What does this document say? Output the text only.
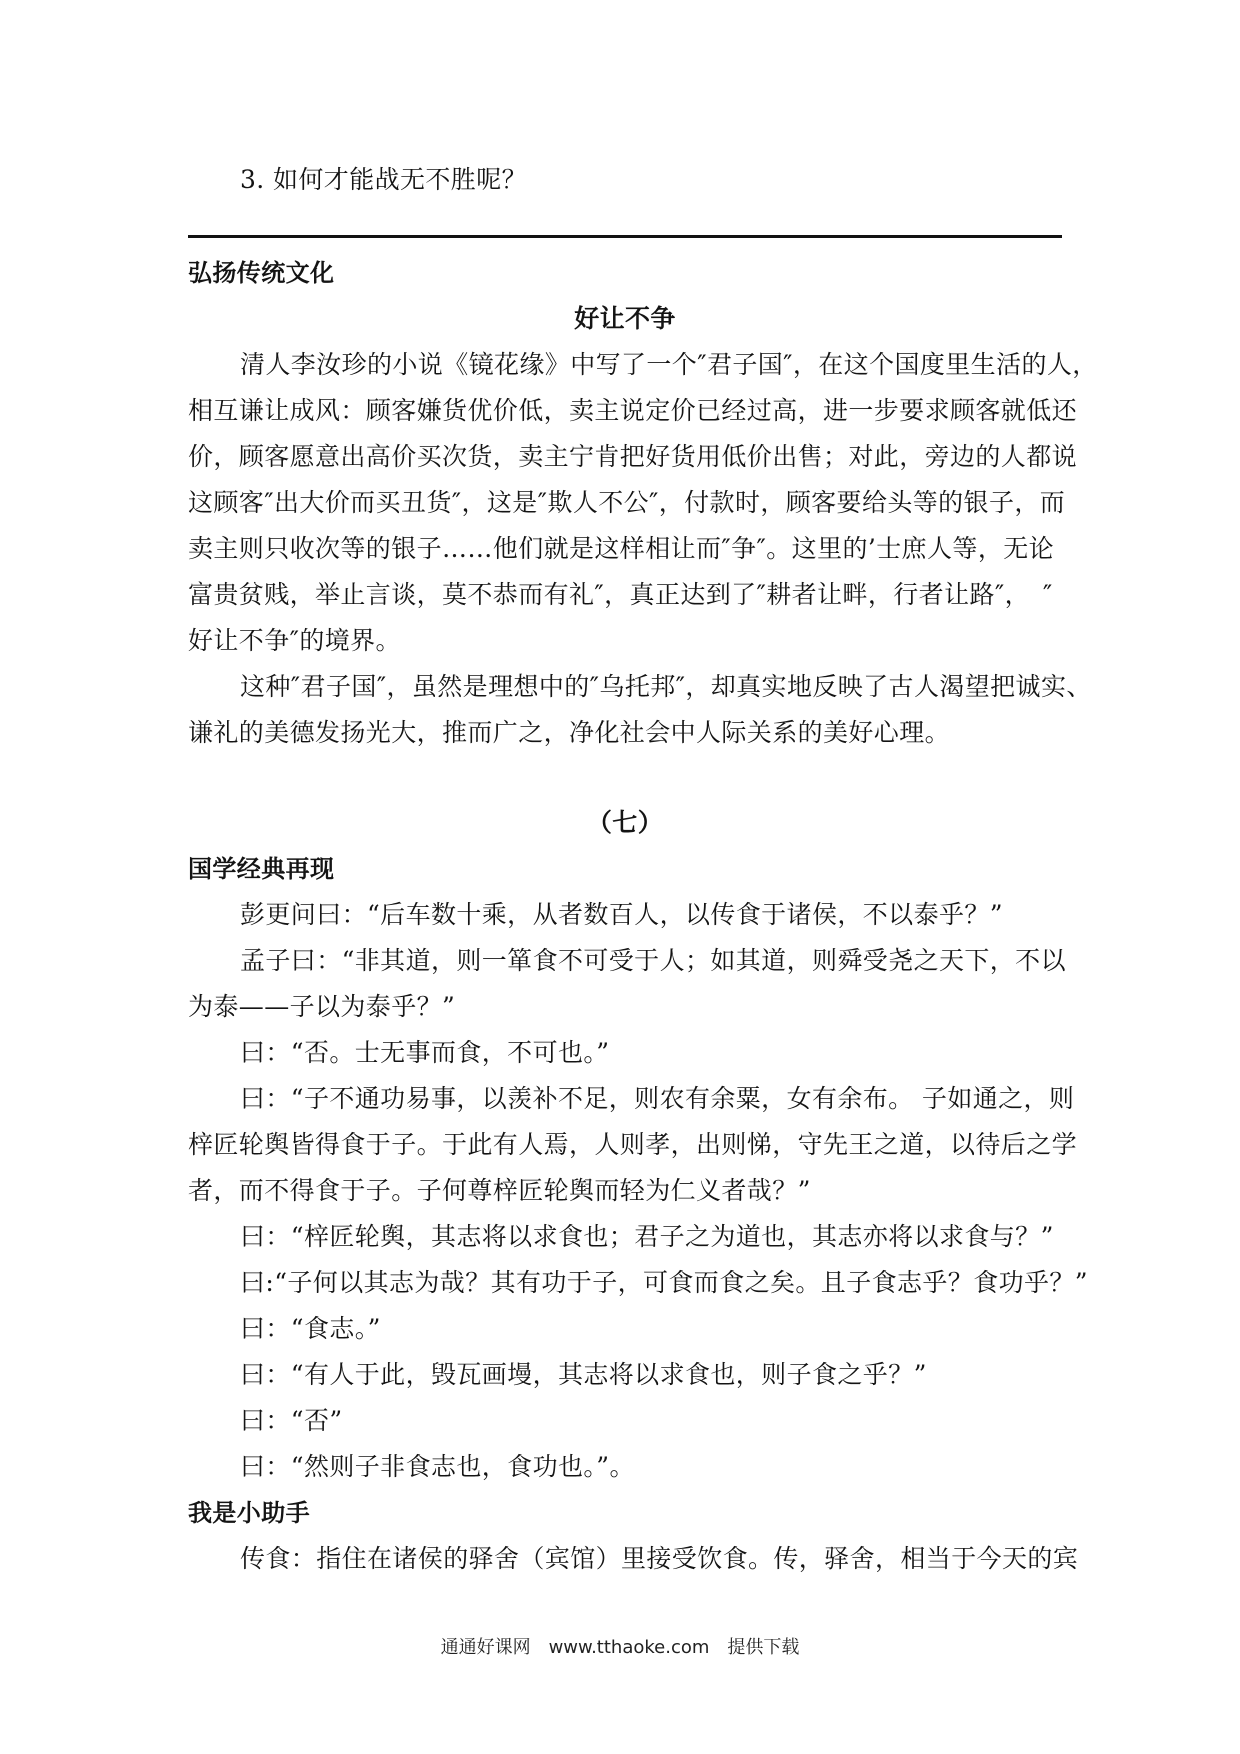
3. 如何才能战无不胜呢？
弘扬传统文化
好让不争
清人李汝珍的小说《镜花缘》中写了一个″君子国″，在这个国度里生活的人，
相互谦让成风：顾客嫌货优价低，卖主说定价已经过高，进一步要求顾客就低还
价，顾客愿意出高价买次货，卖主宁肯把好货用低价出售；对此，旁边的人都说
这顾客″出大价而买丑货″，这是″欺人不公″，付款时，顾客要给头等的银子，而
卖主则只收次等的银子……他们就是这样相让而″争″。这里的’士庶人等，无论
富贵贫贱，举止言谈，莫不恭而有礼″，真正达到了″耕者让畔，行者让路″，　″
好让不争″的境界。
这种″君子国″，虽然是理想中的″乌托邦″，却真实地反映了古人渴望把诚实、
谦礼的美德发扬光大，推而广之，净化社会中人际关系的美好心理。
（七）
国学经典再现
彭更问曰：“后车数十乘，从者数百人，以传食于诸侯，不以泰乎？”
孟子曰：“非其道，则一箪食不可受于人；如其道，则舜受尧之天下，不以
为泰——子以为泰乎？”
曰：“否。士无事而食，不可也。”
曰：“子不通功易事，以羡补不足，则农有余粟，女有余布。 子如通之，则
梓匠轮舆皆得食于子。于此有人焉，人则孝，出则悌，守先王之道，以待后之学
者，而不得食于子。子何尊梓匠轮舆而轻为仁义者哉？”
曰：“梓匠轮舆，其志将以求食也；君子之为道也，其志亦将以求食与？”
曰:“子何以其志为哉？其有功于子，可食而食之矣。且子食志乎？食功乎？”
曰：“食志。”
曰：“有人于此，毁瓦画墁，其志将以求食也，则子食之乎？”
曰：“否”
曰：“然则子非食志也，食功也。”。
我是小助手
传食：指住在诸侯的驿舍（宾馆）里接受饮食。传，驿舍，相当于今天的宾
通通好课网　www.tthaoke.com　提供下载
